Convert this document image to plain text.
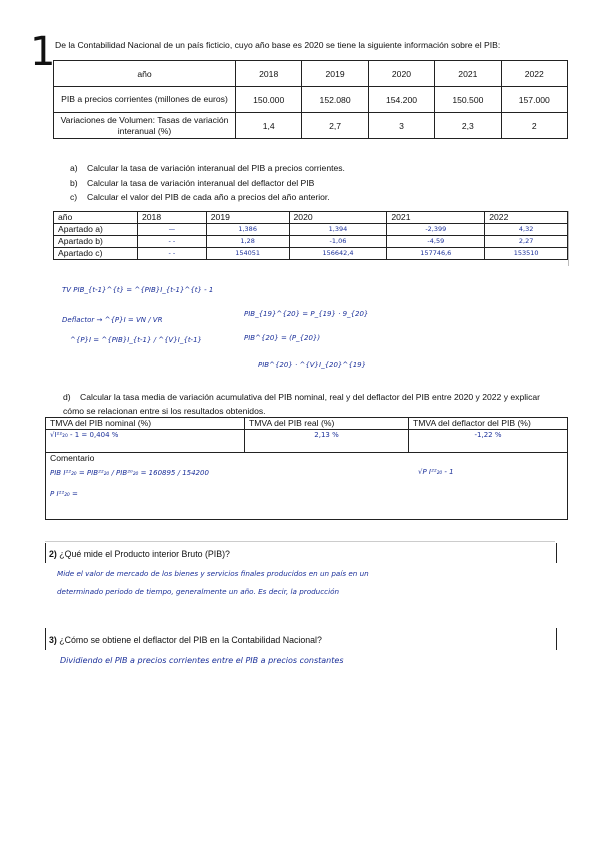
1 De la Contabilidad Nacional de un país ficticio, cuyo año base es 2020 se tiene la siguiente información sobre el PIB:
año	2018	2019	2020	2021	2022
PIB a precios corrientes (millones de euros)	150.000	152.080	154.200	150.500	157.000
Variaciones de Volumen: Tasas de variación interanual (%)	1,4	2,7	3	2,3	2
a) Calcular la tasa de variación interanual del PIB a precios corrientes.
b) Calcular la tasa de variación interanual del deflactor del PIB
c) Calcular el valor del PIB de cada año a precios del año anterior.
año	2018	2019	2020	2021	2022
Apartado a)	—	1,386	1,394	-2,399	4,32
Apartado b)	- -	1,28	-1,06	-4,59	2,27
Apartado c)	- -	154051	156642,4	157746,6	153510
TV PIB_{t-1}^{t} = ^{PIB}I_{t-1}^{t} - 1
Deflactor → ^{P}I = VN / VR
^{P}I = ^{PIB}I_{t-1} / ^{V}I_{t-1}
PIB_{19}^{20} = P_{19} · 9_{20}
PIB^{20} = (P_{20})
PIB^{20} · ^{V}I_{20}^{19}
d) Calcular la tasa media de variación acumulativa del PIB nominal, real y del deflactor del PIB entre 2020 y 2022 y explicar cómo se relacionan entre si los resultados obtenidos.
TMVA del PIB nominal (%)	TMVA del PIB real (%)	TMVA del deflactor del PIB (%)
√I²²₂₀ - 1 = 0,404 %	2,13 %	-1,22 %

Comentario
PIB I²²₂₀ = PIB²²₂₀ / PIB²⁰₂₀ = 160895 / 154200
P I²²₂₀ =
√P I²²₂₀ - 1		
2) ¿Qué mide el Producto interior Bruto (PIB)?
Mide el valor de mercado de los bienes y servicios finales producidos en un país en un
determinado periodo de tiempo, generalmente un año. Es decir, la producción
3) ¿Cómo se obtiene el deflactor del PIB en la Contabilidad Nacional?
Dividiendo el PIB a precios corrientes entre el PIB a precios constantes
